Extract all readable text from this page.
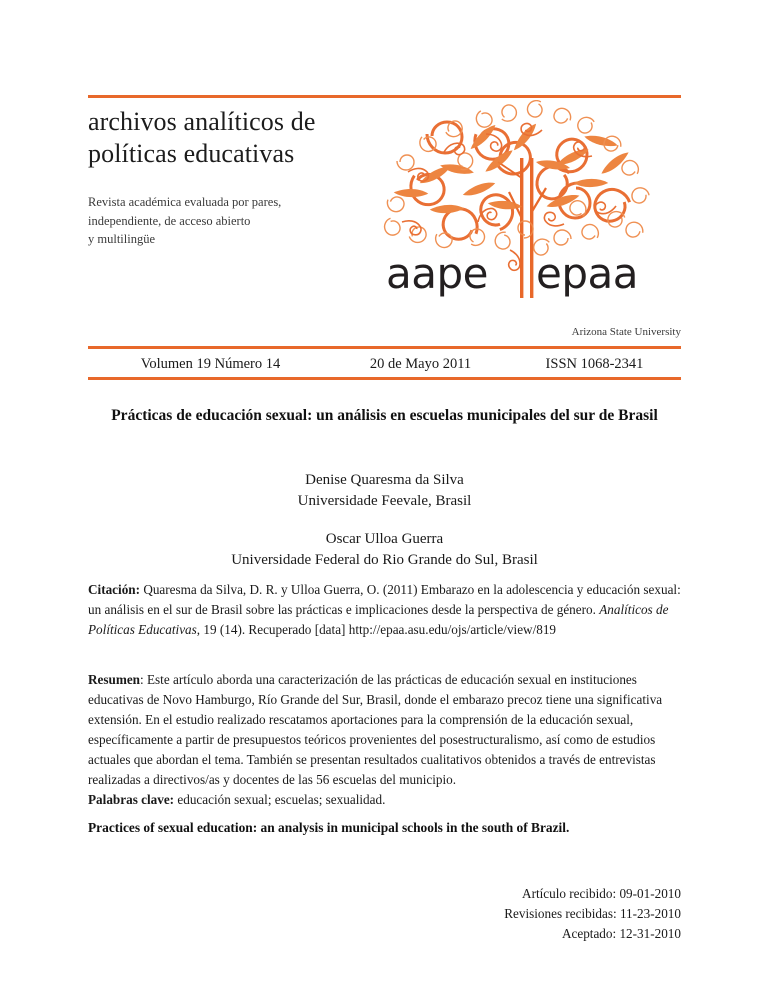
archivos analíticos de
políticas educativas
Revista académica evaluada por pares,
independiente, de acceso abierto
y multilingüe
aape epaa
Arizona State University
Volumen 19 Número 14	20 de Mayo 2011	ISSN 1068-2341
Prácticas de educación sexual: un análisis en escuelas municipales del sur de Brasil
Denise Quaresma da Silva
Universidade Feevale, Brasil
Oscar Ulloa Guerra
Universidade Federal do Rio Grande do Sul, Brasil
Citación: Quaresma da Silva, D. R. y Ulloa Guerra, O. (2011) Embarazo en la adolescencia y educación sexual: un análisis en el sur de Brasil sobre las prácticas e implicaciones desde la perspectiva de género. Analíticos de Políticas Educativas, 19 (14). Recuperado [data] http://epaa.asu.edu/ojs/article/view/819
Resumen: Este artículo aborda una caracterización de las prácticas de educación sexual en instituciones educativas de Novo Hamburgo, Río Grande del Sur, Brasil, donde el embarazo precoz tiene una significativa extensión. En el estudio realizado rescatamos aportaciones para la comprensión de la educación sexual, específicamente a partir de presupuestos teóricos provenientes del posestructuralismo, así como de estudios actuales que abordan el tema. También se presentan resultados cualitativos obtenidos a través de entrevistas realizadas a directivos/as y docentes de las 56 escuelas del municipio.
Palabras clave: educación sexual; escuelas; sexualidad.
Practices of sexual education: an analysis in municipal schools in the south of Brazil.
Artículo recibido: 09-01-2010
Revisiones recibidas: 11-23-2010
Aceptado: 12-31-2010
